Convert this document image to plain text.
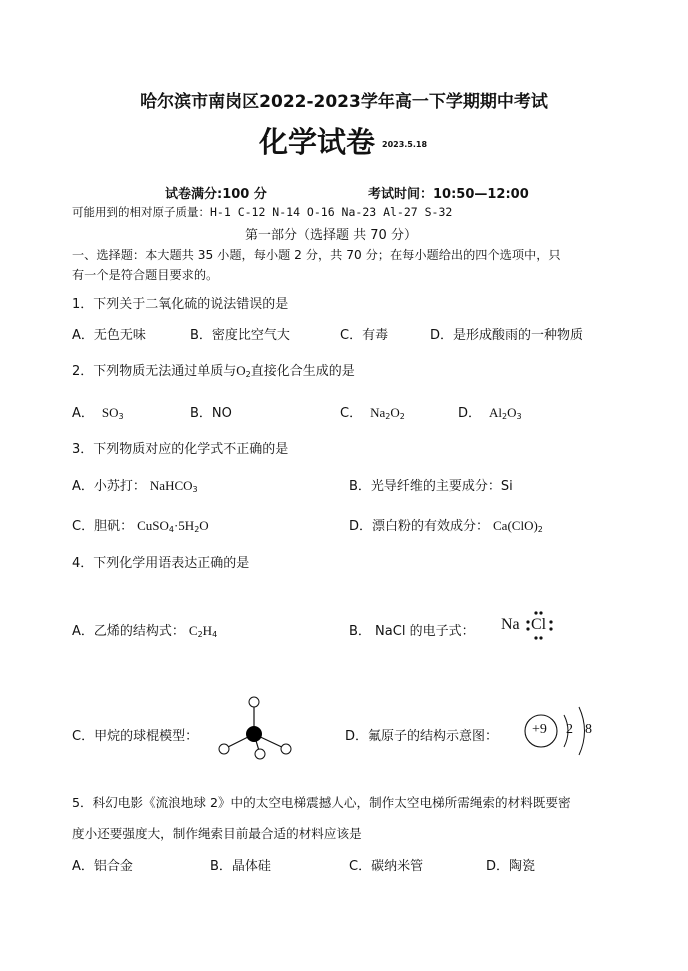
哈尔滨市南岗区2022-2023学年高一下学期期中考试
化学试卷 2023.5.18
试卷满分:100 分	考试时间：10:50—12:00
可能用到的相对原子质量：H-1 C-12 N-14 O-16 Na-23 Al-27 S-32
第一部分（选择题 共 70 分）
一、选择题：本大题共 35 小题，每小题 2 分，共 70 分；在每小题给出的四个选项中，只
有一个是符合题目要求的。
1．下列关于二氧化硫的说法错误的是
A．无色无味	B．密度比空气大	C．有毒	D．是形成酸雨的一种物质
2．下列物质无法通过单质与$O_2$直接化合生成的是
A． $SO_3$	B．NO	C． $Na_2O_2$	D． $Al_2O_3$
3．下列物质对应的化学式不正确的是
A．小苏打： NaHCO$_3$	B．光导纤维的主要成分：Si
C．胆矾： $CuSO_4\cdot 5H_2O$	D．漂白粉的有效成分： $Ca(ClO)_2$
4．下列化学用语表达正确的是
A．乙烯的结构式： $C_2H_4$	B． NaCl 的电子式： Na Cl
C．甲烷的球棍模型：	D．氟原子的结构示意图： +9 2 8
5．科幻电影《流浪地球 2》中的太空电梯震撼人心，制作太空电梯所需绳索的材料既要密
度小还要强度大，制作绳索目前最合适的材料应该是
A．铝合金	B．晶体硅	C．碳纳米管	D．陶瓷
